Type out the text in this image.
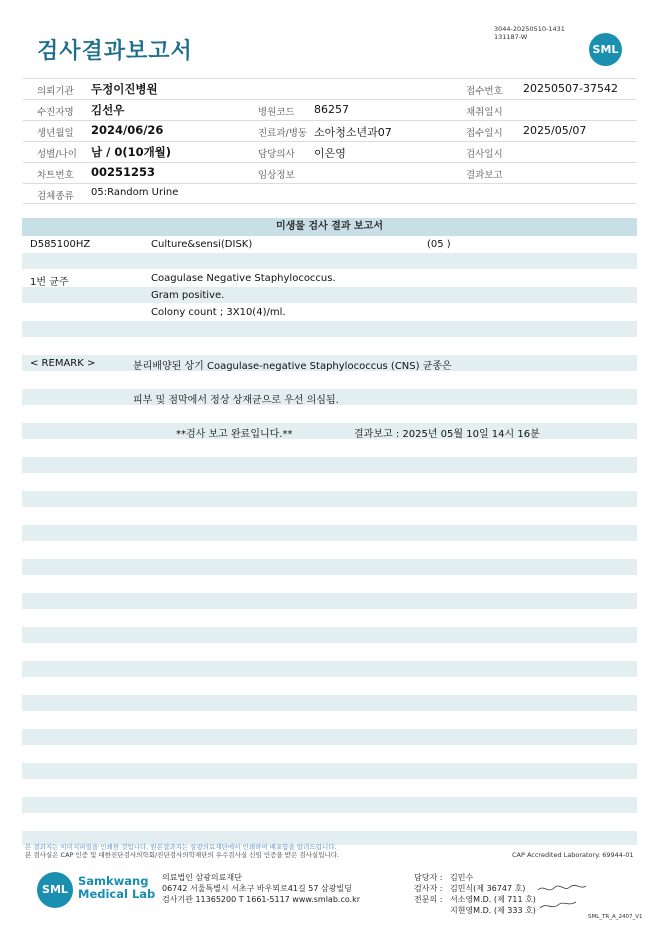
검사결과보고서
3044-20250510-1431
131187-W
SML
의뢰기관 두정이진병원	접수번호 20250507-37542
수진자명 김선우	병원코드 86257	채취일시
생년월일 2024/06/26	진료과/병동 소아청소년과07	접수일시 2025/05/07
성별/나이 남 / 0(10개월)	담당의사 이은영	검사일시
차트번호 00251253	임상정보	결과보고
검체종류 05:Random Urine
미생물 검사 결과 보고서
D585100HZ	Culture&sensi(DISK)	(05 )
1번 균주	Coagulase Negative Staphylococcus.
Gram positive.
Colony count ; 3X10(4)/ml.
< REMARK >	분리배양된 상기 Coagulase-negative Staphylococcus (CNS) 균종은
피부 및 점막에서 정상 상재균으로 우선 의심됨.
**검사 보고 완료입니다.**	결과보고 : 2025년 05월 10일 14시 16분
본 결과지는 이미지파일을 인쇄한 것입니다. 원본결과지는 삼광의료재단에서 인쇄하여 배포함을 알려드립니다.
본 검사실은 CAP 인증 및 대한진단검사의학회/진단검사의학재단의 우수검사실 신임 인증을 받은 검사실입니다.	CAP Accredited Laboratory. 69944-01
SML
Samkwang
Medical Lab
의료법인 삼광의료재단
06742 서울특별시 서초구 바우뫼로41길 57 삼광빌딩
검사기관 11365200 T 1661-5117 www.smlab.co.kr
담당자 : 김민수
검사자 : 김민식(제 36747 호)
전문의 : 서소영M.D. (제 711 호)
지현영M.D. (제 333 호)
SML_TR_A_2407_V1
